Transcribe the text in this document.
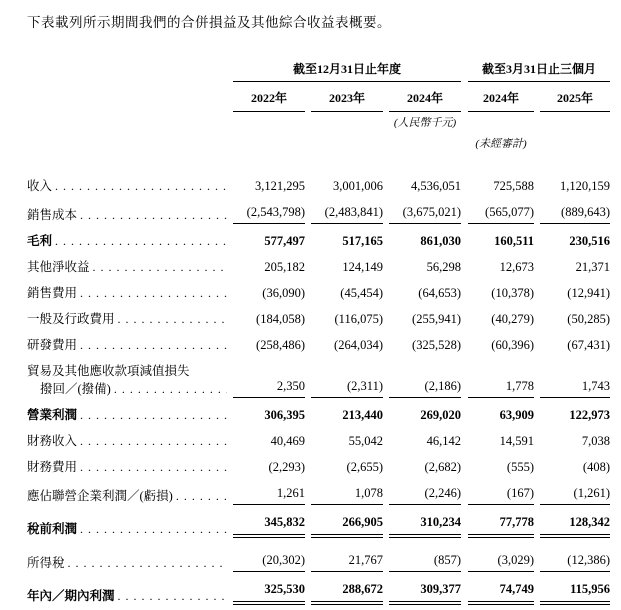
下表載列所示期間我們的合併損益及其他綜合收益表概要。

截至12月31日止年度	截至3月31日止三個月
2022年	2023年	2024年	2024年	2025年
(人民幣千元)
(未經審計)
收入 . . .	3,121,295	3,001,006	4,536,051	725,588	1,120,159
銷售成本 . . .	(2,543,798)	(2,483,841)	(3,675,021)	(565,077)	(889,643)
毛利 . . .	577,497	517,165	861,030	160,511	230,516
其他淨收益 . . .	205,182	124,149	56,298	12,673	21,371
銷售費用 . . .	(36,090)	(45,454)	(64,653)	(10,378)	(12,941)
一般及行政費用 . . .	(184,058)	(116,075)	(255,941)	(40,279)	(50,285)
研發費用 . . .	(258,486)	(264,034)	(325,528)	(60,396)	(67,431)
貿易及其他應收款項減值損失
撥回／(撥備) . . .	2,350	(2,311)	(2,186)	1,778	1,743
營業利潤 . . .	306,395	213,440	269,020	63,909	122,973
財務收入 . . .	40,469	55,042	46,142	14,591	7,038
財務費用 . . .	(2,293)	(2,655)	(2,682)	(555)	(408)
應佔聯營企業利潤／(虧損) . . .	1,261	1,078	(2,246)	(167)	(1,261)
稅前利潤 . . .	345,832	266,905	310,234	77,778	128,342
所得稅 . . .	(20,302)	21,767	(857)	(3,029)	(12,386)
年內／期內利潤 . . .	325,530	288,672	309,377	74,749	115,956
